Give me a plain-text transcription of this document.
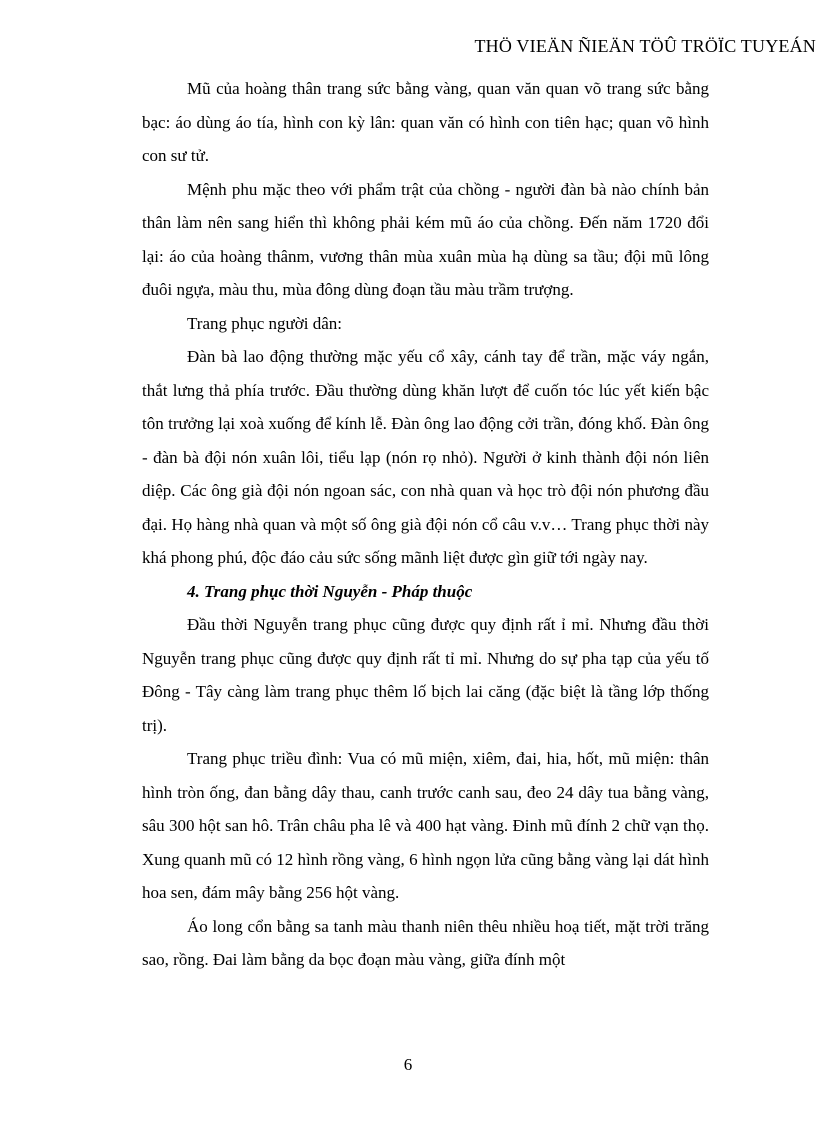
THÖ VIEÄN ÑIEÄN TÖÛ TRÖÏC TUYEÁN

Mũ của hoàng thân trang sức bằng vàng, quan văn quan võ trang sức bằng bạc: áo dùng áo tía, hình con kỳ lân: quan văn có hình con tiên hạc; quan võ hình con sư tử.

Mệnh phu mặc theo với phẩm trật của chồng - người đàn bà nào chính bản thân làm nên sang hiển thì không phải kém mũ áo của chồng. Đến năm 1720 đổi lại: áo của hoàng thânm, vương thân mùa xuân mùa hạ dùng sa tầu; đội mũ lông đuôi ngựa, màu thu, mùa đông dùng đoạn tầu màu trầm trượng.

Trang phục người dân:

Đàn bà lao động thường mặc yếu cổ xây, cánh tay để trần, mặc váy ngắn, thắt lưng thả phía trước. Đầu thường dùng khăn lượt để cuốn tóc lúc yết kiến bậc tôn trưởng lại xoà xuống để kính lễ. Đàn ông lao động cởi trần, đóng khố. Đàn ông - đàn bà đội nón xuân lôi, tiểu lạp (nón rọ nhỏ). Người ở kinh thành đội nón liên diệp. Các ông già đội nón ngoan sác, con nhà quan và học trò đội nón phương đầu đại. Họ hàng nhà quan và một số ông già đội nón cổ câu v.v… Trang phục thời này khá phong phú, độc đáo cảu sức sống mãnh liệt được gìn giữ tới ngày nay.

4. Trang phục thời Nguyễn - Pháp thuộc

Đầu thời Nguyễn trang phục cũng được quy định rất ỉ mỉ. Nhưng đầu thời Nguyễn trang phục cũng được quy định rất tỉ mỉ. Nhưng do sự pha tạp của yếu tố Đông - Tây càng làm trang phục thêm lố bịch lai căng (đặc biệt là tầng lớp thống trị).

Trang phục triều đình: Vua có mũ miện, xiêm, đai, hia, hốt, mũ miện: thân hình tròn ống, đan bằng dây thau, canh trước canh sau, đeo 24 dây tua bằng vàng, sâu 300 hột san hô. Trân châu pha lê và 400 hạt vàng. Đinh mũ đính 2 chữ vạn thọ. Xung quanh mũ có 12 hình rồng vàng, 6 hình ngọn lửa cũng bằng vàng lại dát hình hoa sen, đám mây bằng 256 hột vàng.

Áo long cổn bằng sa tanh màu thanh niên thêu nhiều hoạ tiết, mặt trời trăng sao, rồng. Đai làm bằng da bọc đoạn màu vàng, giữa đính một

6
